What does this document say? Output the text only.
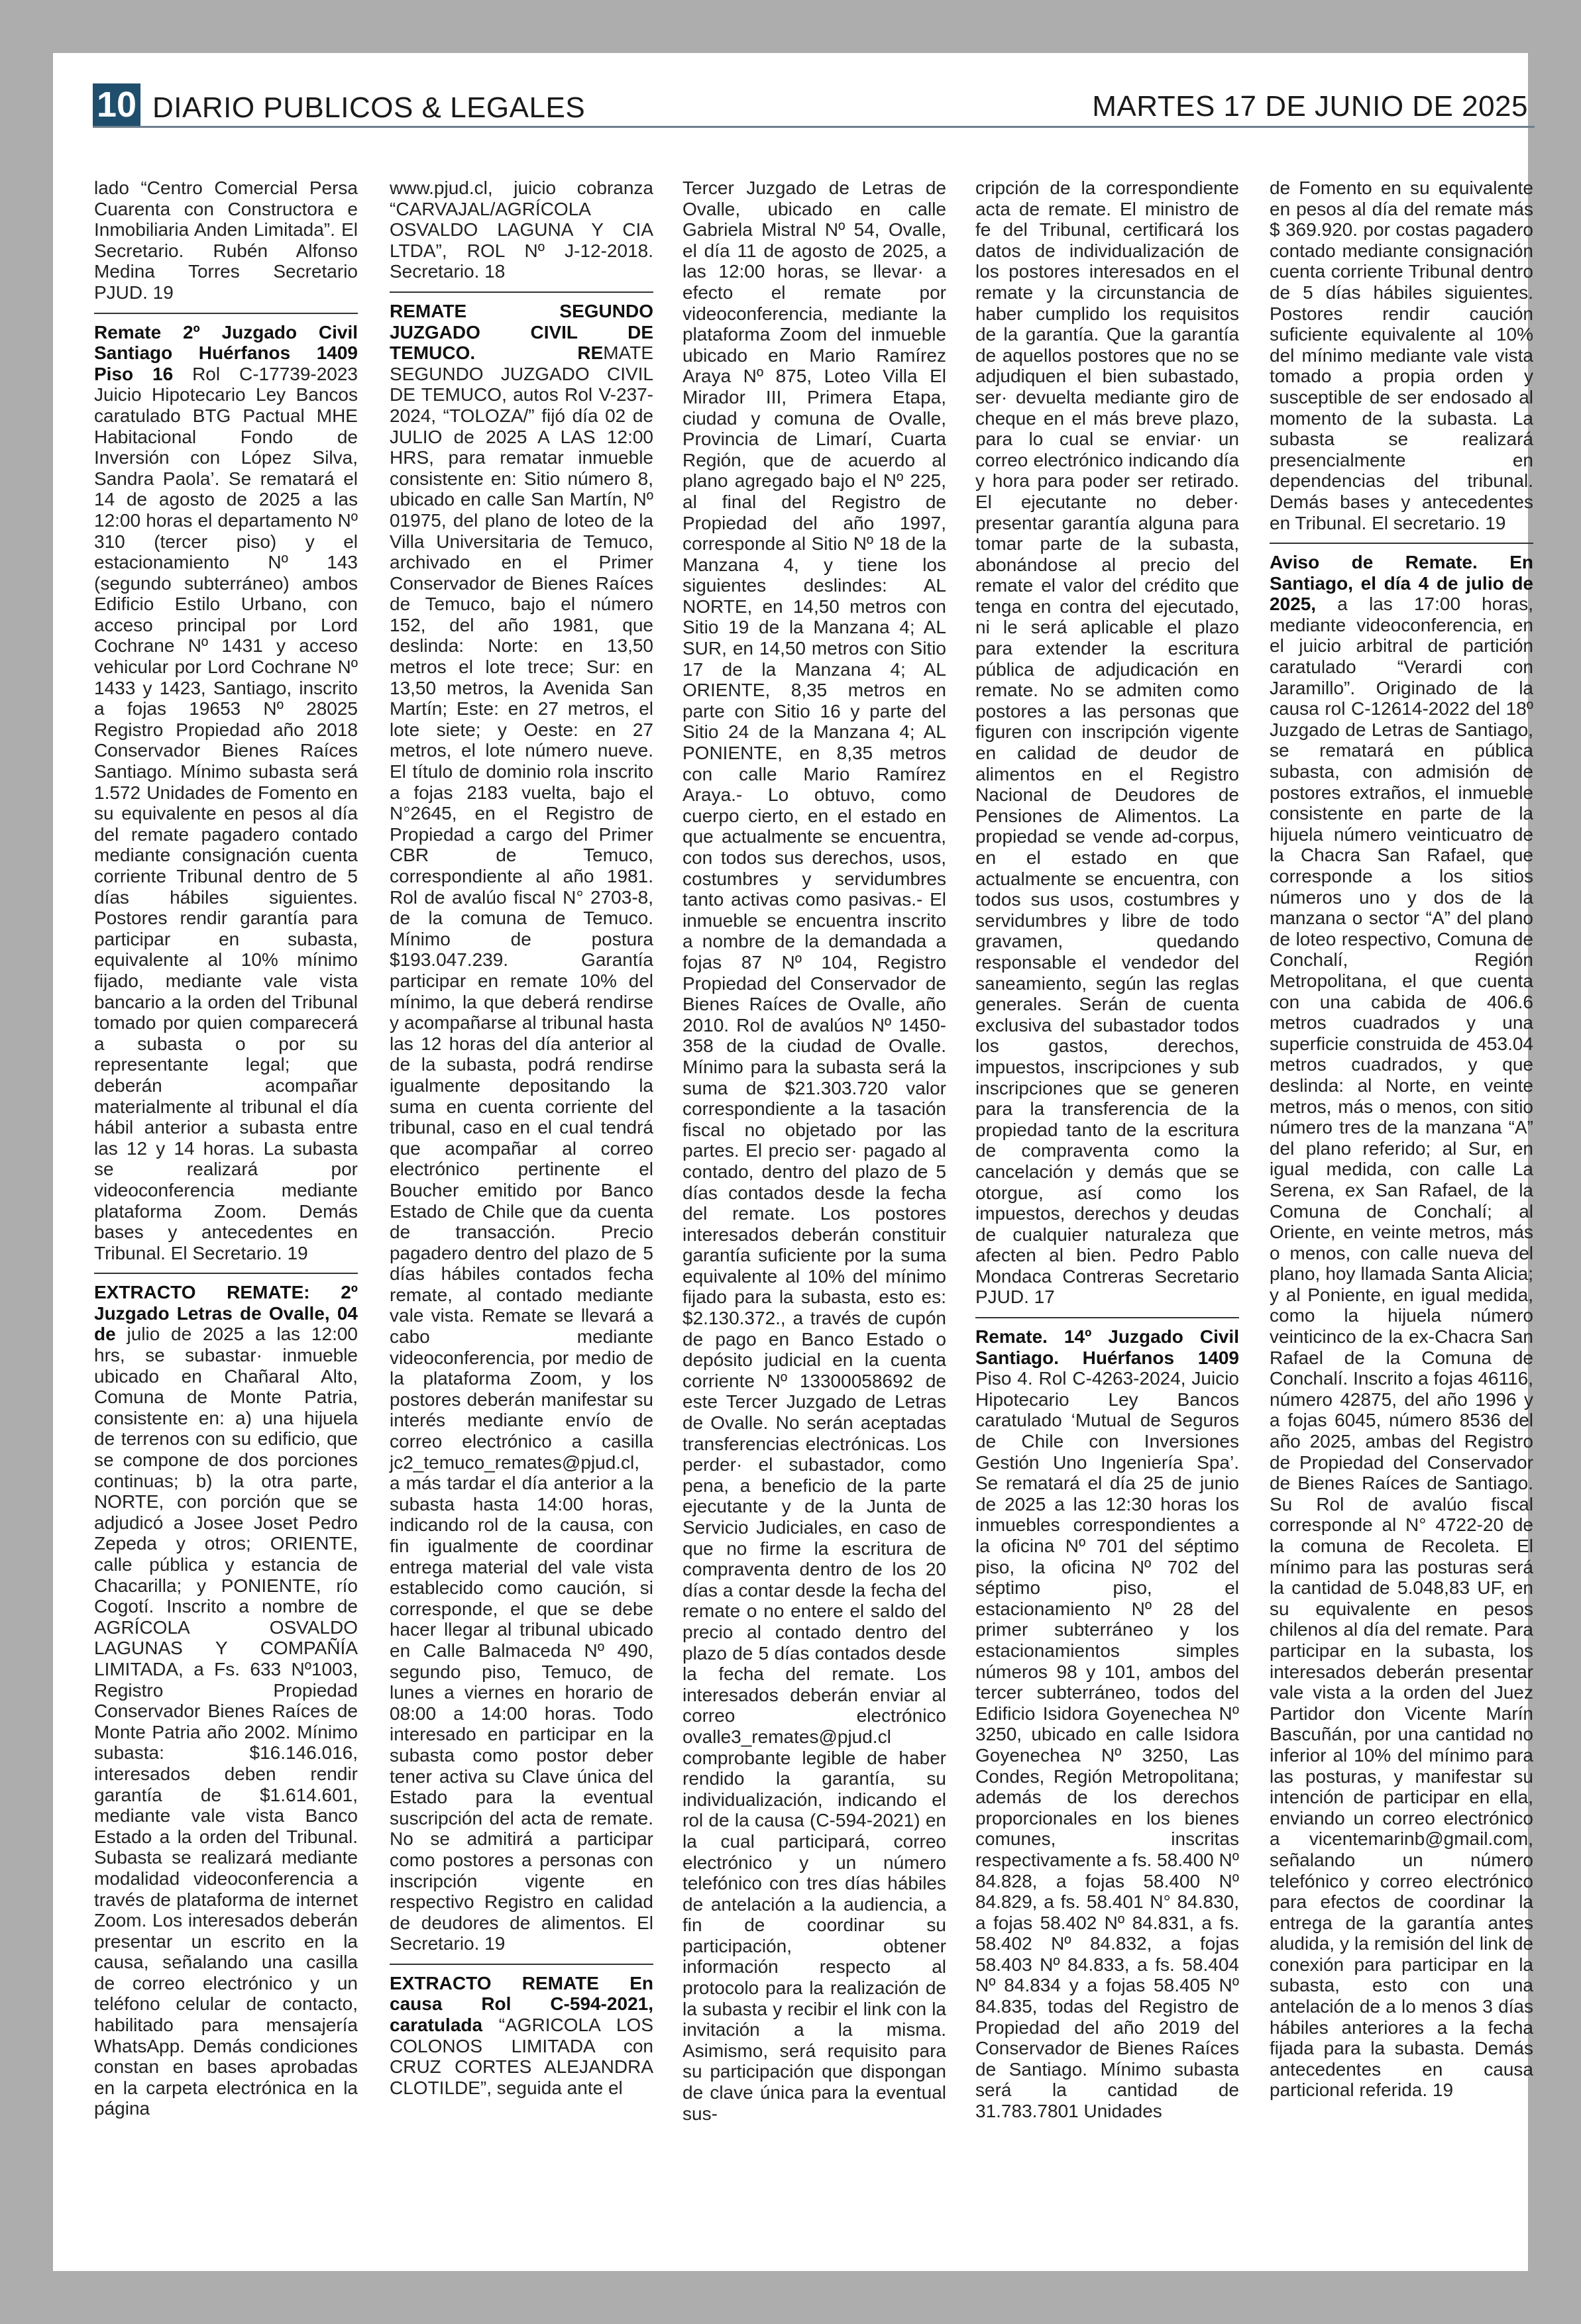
10 DIARIO PUBLICOS & LEGALES	MARTES 17 DE JUNIO DE 2025

lado “Centro Comercial Persa Cuarenta con Constructora e Inmobiliaria Anden Limitada”. El Secretario. Rubén Alfonso Medina Torres Secretario PJUD. 19

Remate 2º Juzgado Civil Santiago Huérfanos 1409 Piso 16 Rol C-17739-2023 Juicio Hipotecario Ley Bancos caratulado BTG Pactual MHE Habitacional Fondo de Inversión con López Silva, Sandra Paola’. Se rematará el 14 de agosto de 2025 a las 12:00 horas el departamento Nº 310 (tercer piso) y el estacionamiento Nº 143 (segundo subterráneo) ambos Edificio Estilo Urbano, con acceso principal por Lord Cochrane Nº 1431 y acceso vehicular por Lord Cochrane Nº 1433 y 1423, Santiago, inscrito a fojas 19653 Nº 28025 Registro Propiedad año 2018 Conservador Bienes Raíces Santiago. Mínimo subasta será 1.572 Unidades de Fomento en su equivalente en pesos al día del remate pagadero contado mediante consignación cuenta corriente Tribunal dentro de 5 días hábiles siguientes. Postores rendir garantía para participar en subasta, equivalente al 10% mínimo fijado, mediante vale vista bancario a la orden del Tribunal tomado por quien comparecerá a subasta o por su representante legal; que deberán acompañar materialmente al tribunal el día hábil anterior a subasta entre las 12 y 14 horas. La subasta se realizará por videoconferencia mediante plataforma Zoom. Demás bases y antecedentes en Tribunal. El Secretario. 19

EXTRACTO REMATE: 2º Juzgado Letras de Ovalle, 04 de julio de 2025 a las 12:00 hrs, se subastar· inmueble ubicado en Chañaral Alto, Comuna de Monte Patria, consistente en: a) una hijuela de terrenos con su edificio, que se compone de dos porciones continuas; b) la otra parte, NORTE, con porción que se adjudicó a Josee Joset Pedro Zepeda y otros; ORIENTE, calle pública y estancia de Chacarilla; y PONIENTE, río Cogotí. Inscrito a nombre de AGRÍCOLA OSVALDO LAGUNAS Y COMPAÑÍA LIMITADA, a Fs. 633 Nº1003, Registro Propiedad Conservador Bienes Raíces de Monte Patria año 2002. Mínimo subasta: $16.146.016, interesados deben rendir garantía de $1.614.601, mediante vale vista Banco Estado a la orden del Tribunal. Subasta se realizará mediante modalidad videoconferencia a través de plataforma de internet Zoom. Los interesados deberán presentar un escrito en la causa, señalando una casilla de correo electrónico y un teléfono celular de contacto, habilitado para mensajería WhatsApp. Demás condiciones constan en bases aprobadas en la carpeta electrónica en la página

www.pjud.cl, juicio cobranza “CARVAJAL/AGRÍCOLA OSVALDO LAGUNA Y CIA LTDA”, ROL Nº J-12-2018. Secretario. 18

REMATE SEGUNDO JUZGADO CIVIL DE TEMUCO. REMATE SEGUNDO JUZGADO CIVIL DE TEMUCO, autos Rol V-237-2024, “TOLOZA/” fijó día 02 de JULIO de 2025 A LAS 12:00 HRS, para rematar inmueble consistente en: Sitio número 8, ubicado en calle San Martín, Nº 01975, del plano de loteo de la Villa Universitaria de Temuco, archivado en el Primer Conservador de Bienes Raíces de Temuco, bajo el número 152, del año 1981, que deslinda: Norte: en 13,50 metros el lote trece; Sur: en 13,50 metros, la Avenida San Martín; Este: en 27 metros, el lote siete; y Oeste: en 27 metros, el lote número nueve. El título de dominio rola inscrito a fojas 2183 vuelta, bajo el N°2645, en el Registro de Propiedad a cargo del Primer CBR de Temuco, correspondiente al año 1981. Rol de avalúo fiscal N° 2703-8, de la comuna de Temuco. Mínimo de postura $193.047.239. Garantía participar en remate 10% del mínimo, la que deberá rendirse y acompañarse al tribunal hasta las 12 horas del día anterior al de la subasta, podrá rendirse igualmente depositando la suma en cuenta corriente del tribunal, caso en el cual tendrá que acompañar al correo electrónico pertinente el Boucher emitido por Banco Estado de Chile que da cuenta de transacción. Precio pagadero dentro del plazo de 5 días hábiles contados fecha remate, al contado mediante vale vista. Remate se llevará a cabo mediante videoconferencia, por medio de la plataforma Zoom, y los postores deberán manifestar su interés mediante envío de correo electrónico a casilla jc2_temuco_remates@pjud.cl, a más tardar el día anterior a la subasta hasta 14:00 horas, indicando rol de la causa, con fin igualmente de coordinar entrega material del vale vista establecido como caución, si corresponde, el que se debe hacer llegar al tribunal ubicado en Calle Balmaceda Nº 490, segundo piso, Temuco, de lunes a viernes en horario de 08:00 a 14:00 horas. Todo interesado en participar en la subasta como postor deber tener activa su Clave única del Estado para la eventual suscripción del acta de remate. No se admitirá a participar como postores a personas con inscripción vigente en respectivo Registro en calidad de deudores de alimentos. El Secretario. 19

EXTRACTO REMATE En causa Rol C-594-2021, caratulada “AGRICOLA LOS COLONOS LIMITADA con CRUZ CORTES ALEJANDRA CLOTILDE”, seguida ante el

Tercer Juzgado de Letras de Ovalle, ubicado en calle Gabriela Mistral Nº 54, Ovalle, el día 11 de agosto de 2025, a las 12:00 horas, se llevar· a efecto el remate por videoconferencia, mediante la plataforma Zoom del inmueble ubicado en Mario Ramírez Araya Nº 875, Loteo Villa El Mirador III, Primera Etapa, ciudad y comuna de Ovalle, Provincia de Limarí, Cuarta Región, que de acuerdo al plano agregado bajo el Nº 225, al final del Registro de Propiedad del año 1997, corresponde al Sitio Nº 18 de la Manzana 4, y tiene los siguientes deslindes: AL NORTE, en 14,50 metros con Sitio 19 de la Manzana 4; AL SUR, en 14,50 metros con Sitio 17 de la Manzana 4; AL ORIENTE, 8,35 metros en parte con Sitio 16 y parte del Sitio 24 de la Manzana 4; AL PONIENTE, en 8,35 metros con calle Mario Ramírez Araya.- Lo obtuvo, como cuerpo cierto, en el estado en que actualmente se encuentra, con todos sus derechos, usos, costumbres y servidumbres tanto activas como pasivas.- El inmueble se encuentra inscrito a nombre de la demandada a fojas 87 Nº 104, Registro Propiedad del Conservador de Bienes Raíces de Ovalle, año 2010. Rol de avalúos Nº 1450-358 de la ciudad de Ovalle. Mínimo para la subasta será la suma de $21.303.720 valor correspondiente a la tasación fiscal no objetado por las partes. El precio ser· pagado al contado, dentro del plazo de 5 días contados desde la fecha del remate. Los postores interesados deberán constituir garantía suficiente por la suma equivalente al 10% del mínimo fijado para la subasta, esto es: $2.130.372., a través de cupón de pago en Banco Estado o depósito judicial en la cuenta corriente Nº 13300058692 de este Tercer Juzgado de Letras de Ovalle. No serán aceptadas transferencias electrónicas. Los perder· el subastador, como pena, a beneficio de la parte ejecutante y de la Junta de Servicio Judiciales, en caso de que no firme la escritura de compraventa dentro de los 20 días a contar desde la fecha del remate o no entere el saldo del precio al contado dentro del plazo de 5 días contados desde la fecha del remate. Los interesados deberán enviar al correo electrónico ovalle3_remates@pjud.cl comprobante legible de haber rendido la garantía, su individualización, indicando el rol de la causa (C-594-2021) en la cual participará, correo electrónico y un número telefónico con tres días hábiles de antelación a la audiencia, a fin de coordinar su participación, obtener información respecto al protocolo para la realización de la subasta y recibir el link con la invitación a la misma. Asimismo, será requisito para su participación que dispongan de clave única para la eventual sus-

cripción de la correspondiente acta de remate. El ministro de fe del Tribunal, certificará los datos de individualización de los postores interesados en el remate y la circunstancia de haber cumplido los requisitos de la garantía. Que la garantía de aquellos postores que no se adjudiquen el bien subastado, ser· devuelta mediante giro de cheque en el más breve plazo, para lo cual se enviar· un correo electrónico indicando día y hora para poder ser retirado. El ejecutante no deber· presentar garantía alguna para tomar parte de la subasta, abonándose al precio del remate el valor del crédito que tenga en contra del ejecutado, ni le será aplicable el plazo para extender la escritura pública de adjudicación en remate. No se admiten como postores a las personas que figuren con inscripción vigente en calidad de deudor de alimentos en el Registro Nacional de Deudores de Pensiones de Alimentos. La propiedad se vende ad-corpus, en el estado en que actualmente se encuentra, con todos sus usos, costumbres y servidumbres y libre de todo gravamen, quedando responsable el vendedor del saneamiento, según las reglas generales. Serán de cuenta exclusiva del subastador todos los gastos, derechos, impuestos, inscripciones y sub inscripciones que se generen para la transferencia de la propiedad tanto de la escritura de compraventa como la cancelación y demás que se otorgue, así como los impuestos, derechos y deudas de cualquier naturaleza que afecten al bien. Pedro Pablo Mondaca Contreras Secretario PJUD. 17

Remate. 14º Juzgado Civil Santiago. Huérfanos 1409 Piso 4. Rol C-4263-2024, Juicio Hipotecario Ley Bancos caratulado ‘Mutual de Seguros de Chile con Inversiones Gestión Uno Ingeniería Spa’. Se rematará el día 25 de junio de 2025 a las 12:30 horas los inmuebles correspondientes a la oficina Nº 701 del séptimo piso, la oficina Nº 702 del séptimo piso, el estacionamiento Nº 28 del primer subterráneo y los estacionamientos simples números 98 y 101, ambos del tercer subterráneo, todos del Edificio Isidora Goyenechea Nº 3250, ubicado en calle Isidora Goyenechea Nº 3250, Las Condes, Región Metropolitana; además de los derechos proporcionales en los bienes comunes, inscritas respectivamente a fs. 58.400 Nº 84.828, a fojas 58.400 Nº 84.829, a fs. 58.401 N° 84.830, a fojas 58.402 Nº 84.831, a fs. 58.402 Nº 84.832, a fojas 58.403 Nº 84.833, a fs. 58.404 Nº 84.834 y a fojas 58.405 Nº 84.835, todas del Registro de Propiedad del año 2019 del Conservador de Bienes Raíces de Santiago. Mínimo subasta será la cantidad de 31.783.7801 Unidades

de Fomento en su equivalente en pesos al día del remate más $ 369.920. por costas pagadero contado mediante consignación cuenta corriente Tribunal dentro de 5 días hábiles siguientes. Postores rendir caución suficiente equivalente al 10% del mínimo mediante vale vista tomado a propia orden y susceptible de ser endosado al momento de la subasta. La subasta se realizará presencialmente en dependencias del tribunal. Demás bases y antecedentes en Tribunal. El secretario. 19

Aviso de Remate. En Santiago, el día 4 de julio de 2025, a las 17:00 horas, mediante videoconferencia, en el juicio arbitral de partición caratulado “Verardi con Jaramillo”. Originado de la causa rol C-12614-2022 del 18º Juzgado de Letras de Santiago, se rematará en pública subasta, con admisión de postores extraños, el inmueble consistente en parte de la hijuela número veinticuatro de la Chacra San Rafael, que corresponde a los sitios números uno y dos de la manzana o sector “A” del plano de loteo respectivo, Comuna de Conchalí, Región Metropolitana, el que cuenta con una cabida de 406.6 metros cuadrados y una superficie construida de 453.04 metros cuadrados, y que deslinda: al Norte, en veinte metros, más o menos, con sitio número tres de la manzana “A” del plano referido; al Sur, en igual medida, con calle La Serena, ex San Rafael, de la Comuna de Conchalí; al Oriente, en veinte metros, más o menos, con calle nueva del plano, hoy llamada Santa Alicia; y al Poniente, en igual medida, como la hijuela número veinticinco de la ex-Chacra San Rafael de la Comuna de Conchalí. Inscrito a fojas 46116, número 42875, del año 1996 y a fojas 6045, número 8536 del año 2025, ambas del Registro de Propiedad del Conservador de Bienes Raíces de Santiago. Su Rol de avalúo fiscal corresponde al N° 4722-20 de la comuna de Recoleta. El mínimo para las posturas será la cantidad de 5.048,83 UF, en su equivalente en pesos chilenos al día del remate. Para participar en la subasta, los interesados deberán presentar vale vista a la orden del Juez Partidor don Vicente Marín Bascuñán, por una cantidad no inferior al 10% del mínimo para las posturas, y manifestar su intención de participar en ella, enviando un correo electrónico a vicentemarinb@gmail.com, señalando un número telefónico y correo electrónico para efectos de coordinar la entrega de la garantía antes aludida, y la remisión del link de conexión para participar en la subasta, esto con una antelación de a lo menos 3 días hábiles anteriores a la fecha fijada para la subasta. Demás antecedentes en causa particional referida. 19
